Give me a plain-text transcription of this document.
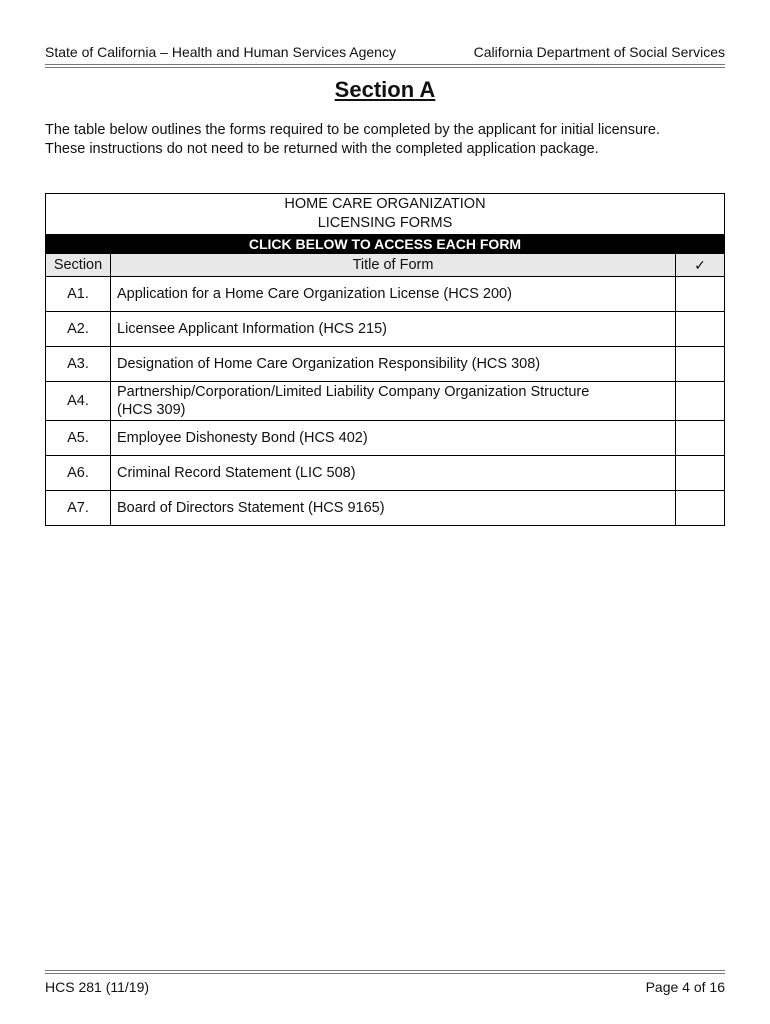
State of California – Health and Human Services Agency	California Department of Social Services
Section A

The table below outlines the forms required to be completed by the applicant for initial licensure.

These instructions do not need to be returned with the completed application package.

HOME CARE ORGANIZATION
LICENSING FORMS		

CLICK BELOW TO ACCESS EACH FORM		
Section	Title of Form	✓
A1.	Application for a Home Care Organization License (HCS 200)	
A2.	Licensee Applicant Information (HCS 215)	
A3.	Designation of Home Care Organization Responsibility (HCS 308)	
A4.	Partnership/Corporation/Limited Liability Company Organization Structure (HCS 309)	
A5.	Employee Dishonesty Bond (HCS 402)	
A6.	Criminal Record Statement (LIC 508)	
A7.	Board of Directors Statement (HCS 9165)	
HCS 281 (11/19)	Page 4 of 16
